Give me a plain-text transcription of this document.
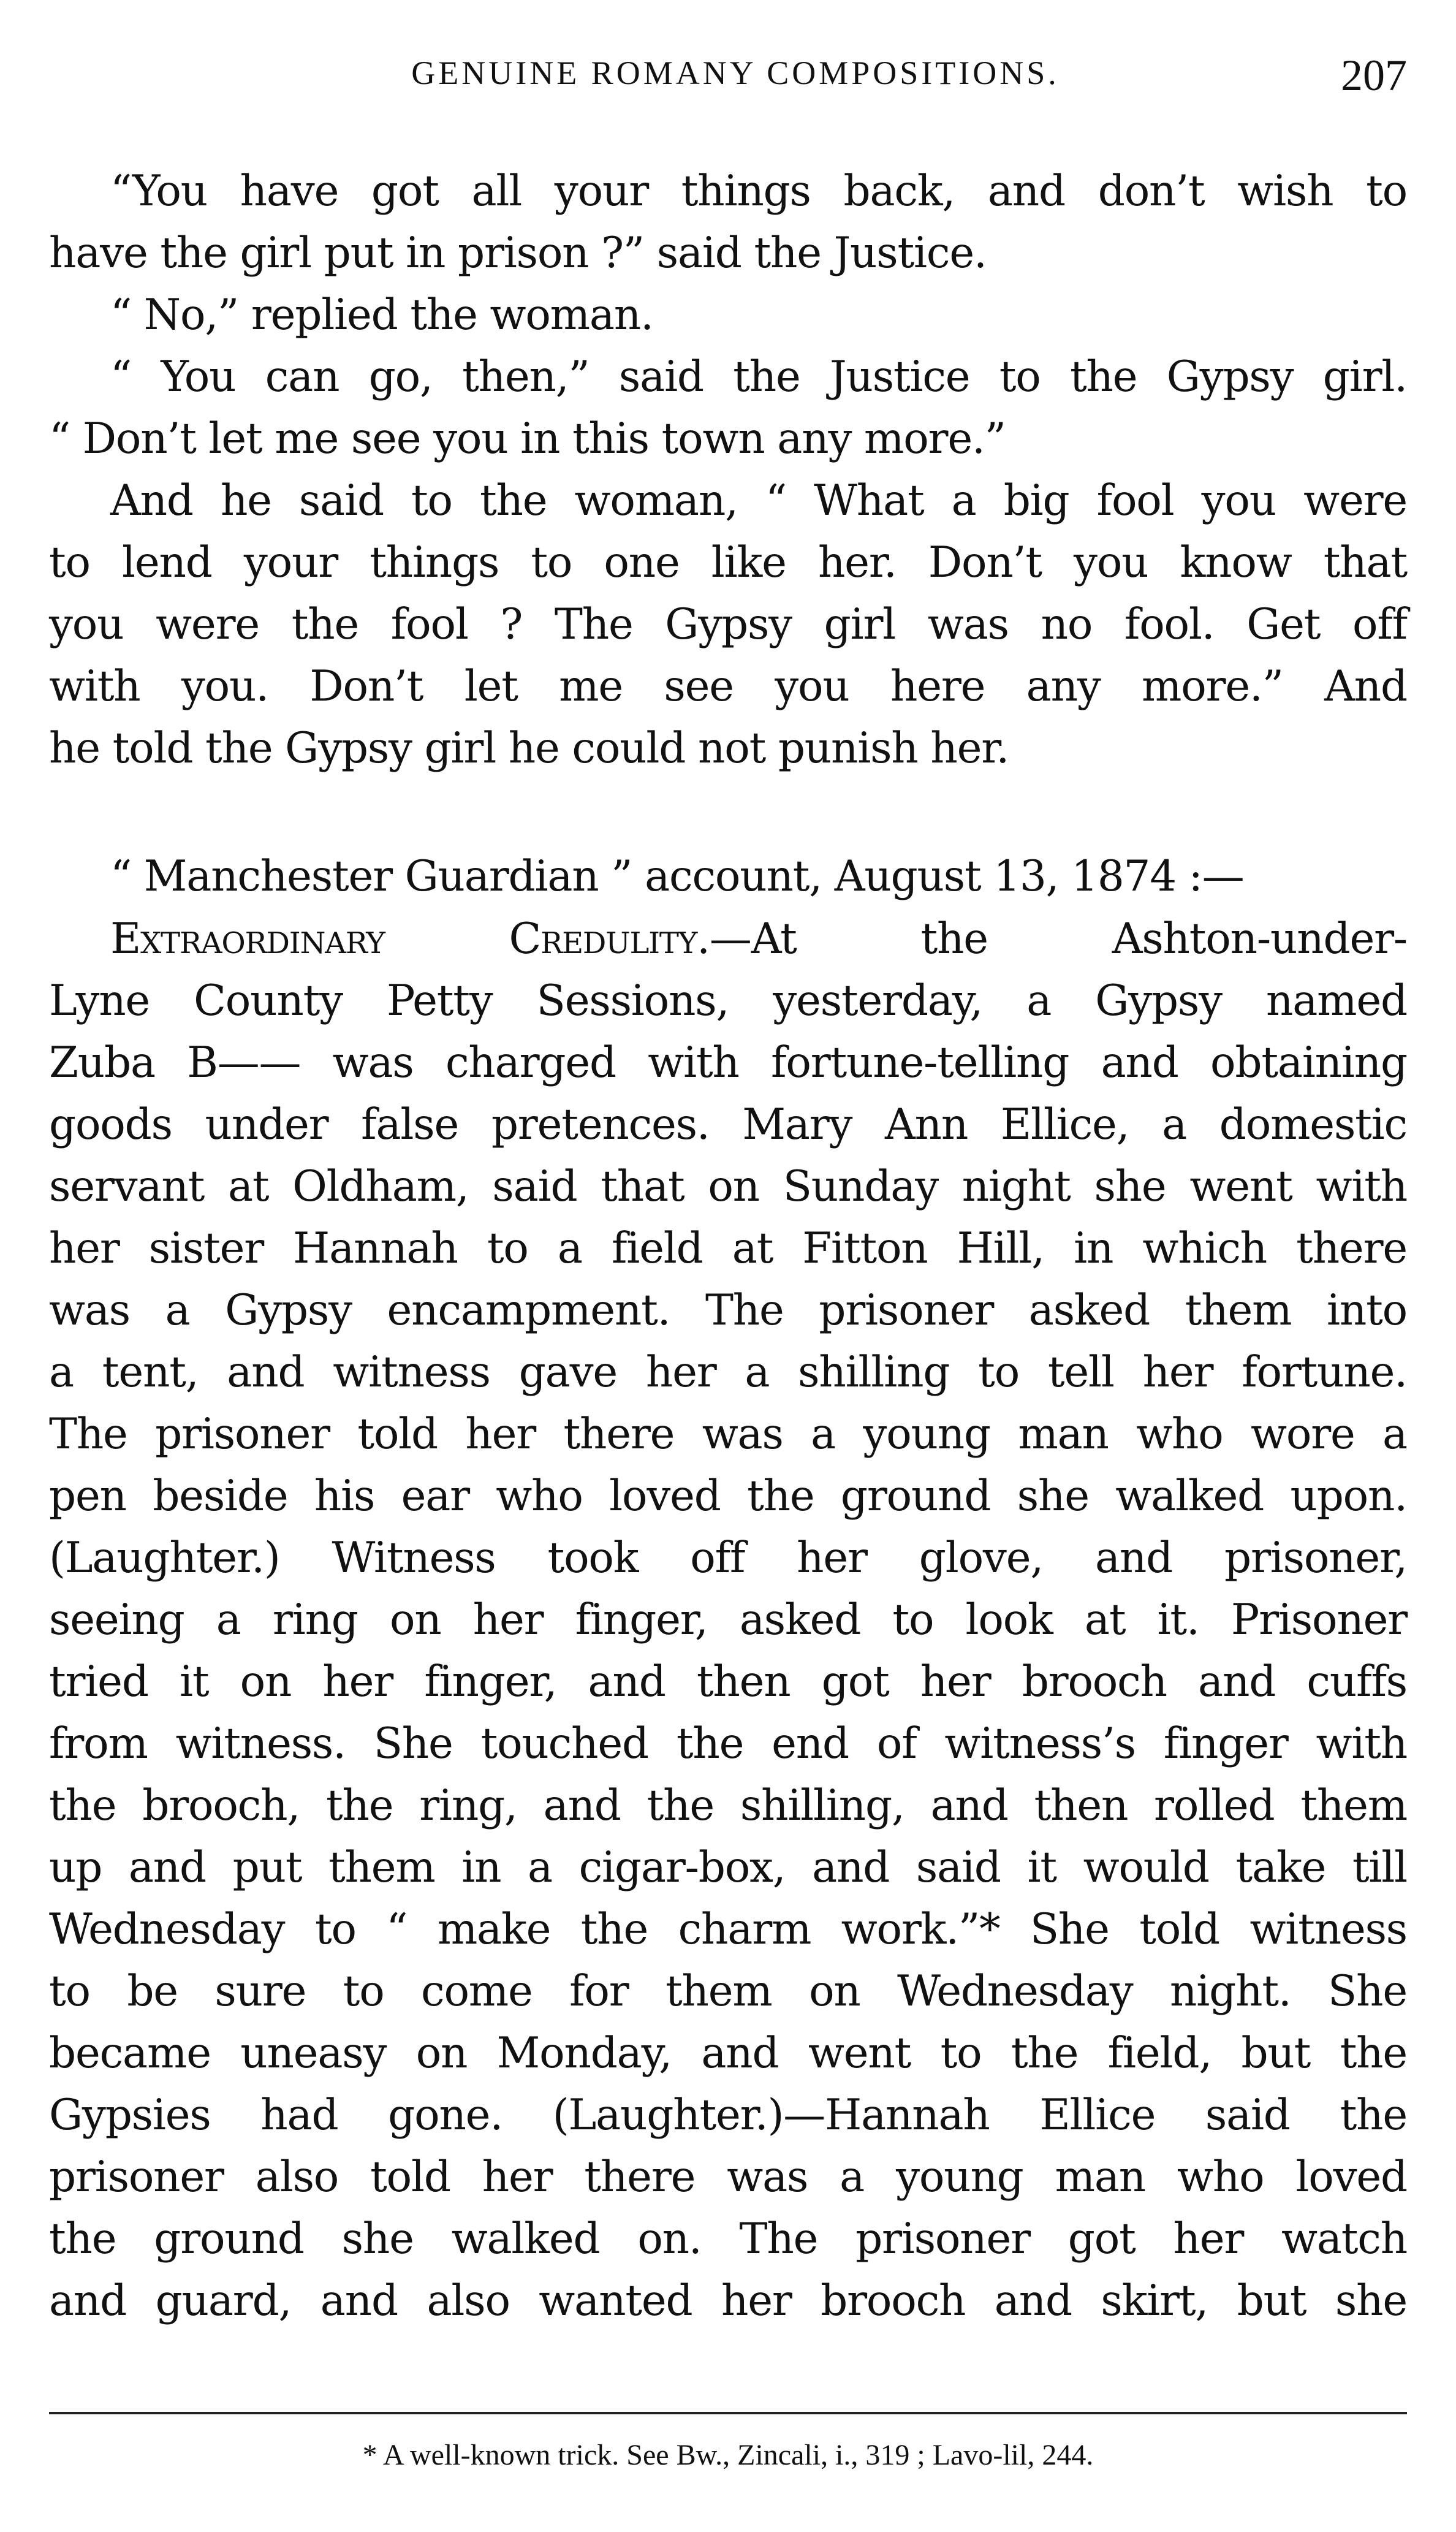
GENUINE ROMANY COMPOSITIONS.	207
“You have got all your things back, and don’t wish to
have the girl put in prison ?” said the Justice.
“ No,” replied the woman.
“ You can go, then,” said the Justice to the Gypsy girl.
“ Don’t let me see you in this town any more.”
And he said to the woman, “ What a big fool you were
to lend your things to one like her. Don’t you know that
you were the fool ? The Gypsy girl was no fool. Get off
with you. Don’t let me see you here any more.” And
he told the Gypsy girl he could not punish her.
“ Manchester Guardian ” account, August 13, 1874 :—
Extraordinary Credulity.—At the Ashton-under-
Lyne County Petty Sessions, yesterday, a Gypsy named
Zuba B—— was charged with fortune-telling and obtaining
goods under false pretences. Mary Ann Ellice, a domestic
servant at Oldham, said that on Sunday night she went with
her sister Hannah to a field at Fitton Hill, in which there
was a Gypsy encampment. The prisoner asked them into
a tent, and witness gave her a shilling to tell her fortune.
The prisoner told her there was a young man who wore a
pen beside his ear who loved the ground she walked upon.
(Laughter.) Witness took off her glove, and prisoner,
seeing a ring on her finger, asked to look at it. Prisoner
tried it on her finger, and then got her brooch and cuffs
from witness. She touched the end of witness’s finger with
the brooch, the ring, and the shilling, and then rolled them
up and put them in a cigar-box, and said it would take till
Wednesday to “ make the charm work.”* She told witness
to be sure to come for them on Wednesday night. She
became uneasy on Monday, and went to the field, but the
Gypsies had gone. (Laughter.)—Hannah Ellice said the
prisoner also told her there was a young man who loved
the ground she walked on. The prisoner got her watch
and guard, and also wanted her brooch and skirt, but she
* A well-known trick. See Bw., Zincali, i., 319 ; Lavo-lil, 244.
